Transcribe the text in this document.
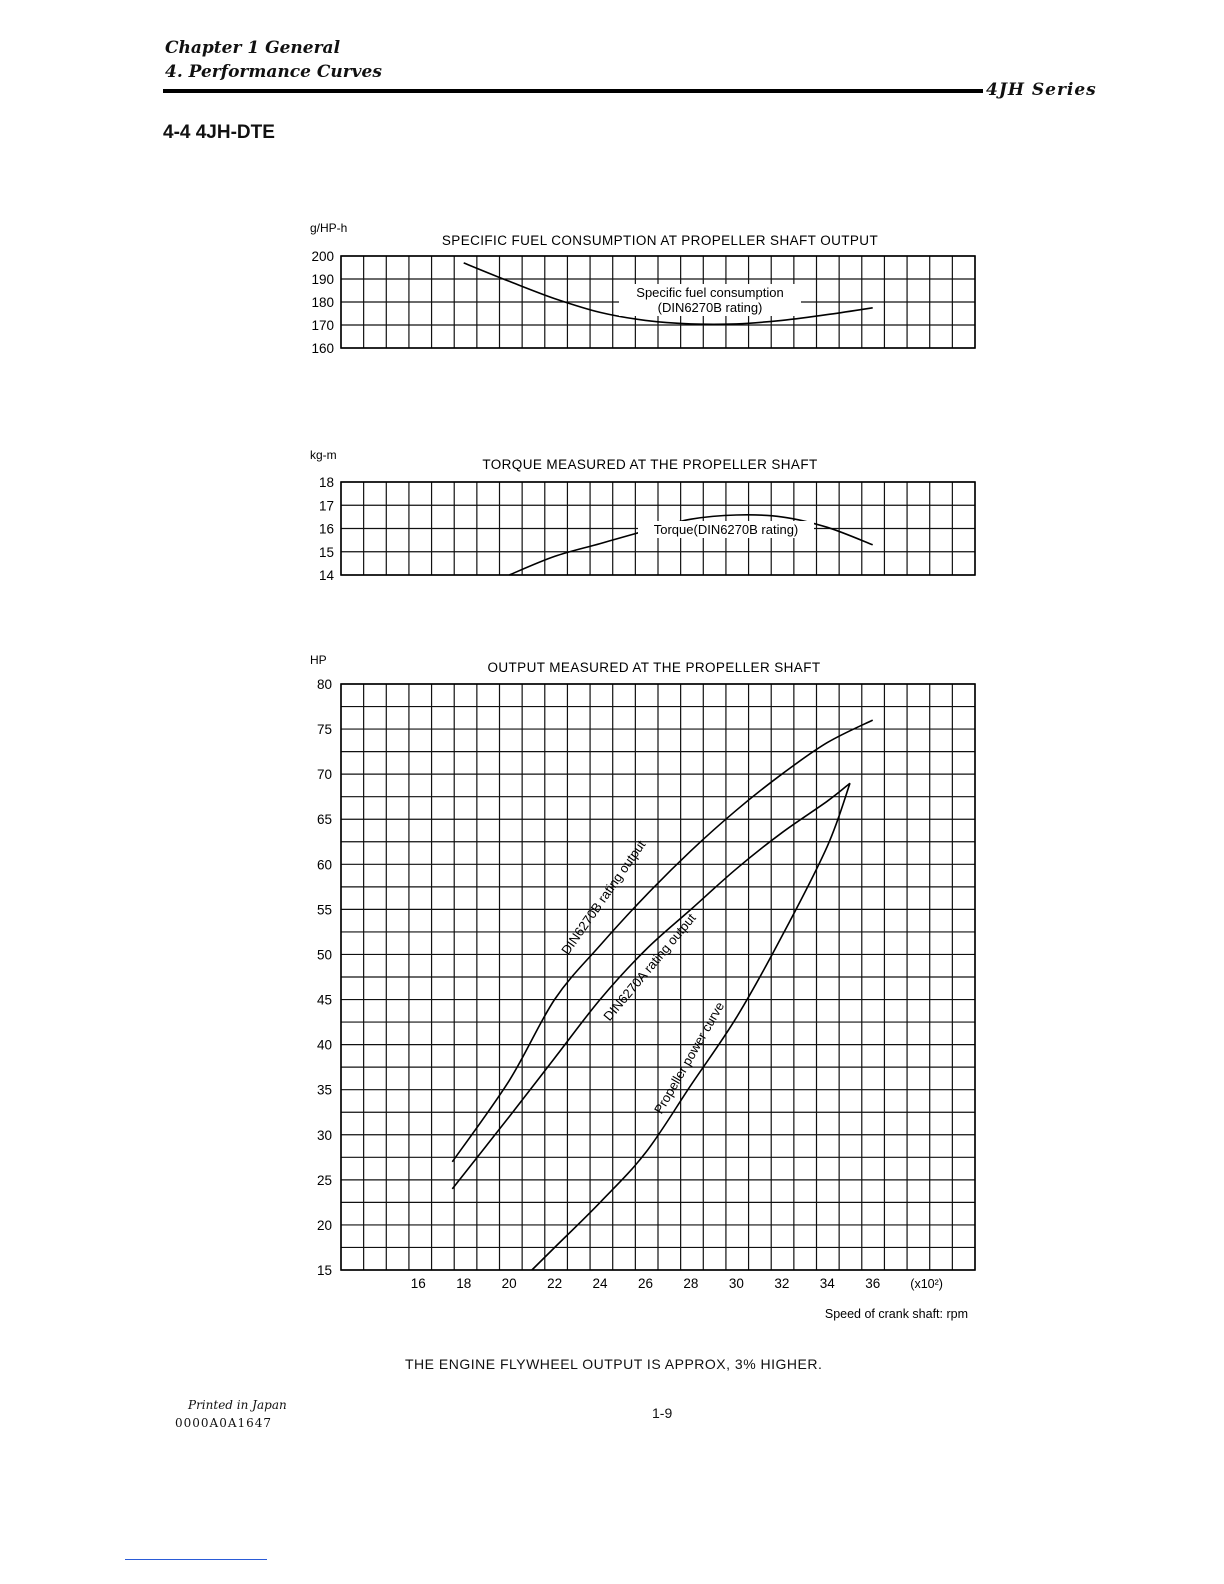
Chapter 1 General
4. Performance Curves
4JH Series
4-4 4JH-DTE
SPECIFIC FUEL CONSUMPTION AT PROPELLER SHAFT OUTPUT
g/HP-h
200
190
180
170
160
Specific fuel consumption
(DIN6270B rating)
TORQUE MEASURED AT THE PROPELLER SHAFT
kg-m
18
17
16
15
14
Torque(DIN6270B rating)
OUTPUT MEASURED AT THE PROPELLER SHAFT
HP
80
75
70
65
60
55
50
45
40
35
30
25
20
15
16 18 20 22 24 26 28 30 32 34 36 (x10²)
Speed of crank shaft: rpm
DIN6270B rating output
DIN6270A rating output
Propeller power curve
THE ENGINE FLYWHEEL OUTPUT IS APPROX, 3% HIGHER.
Printed in Japan
0000A0A1647
1-9
